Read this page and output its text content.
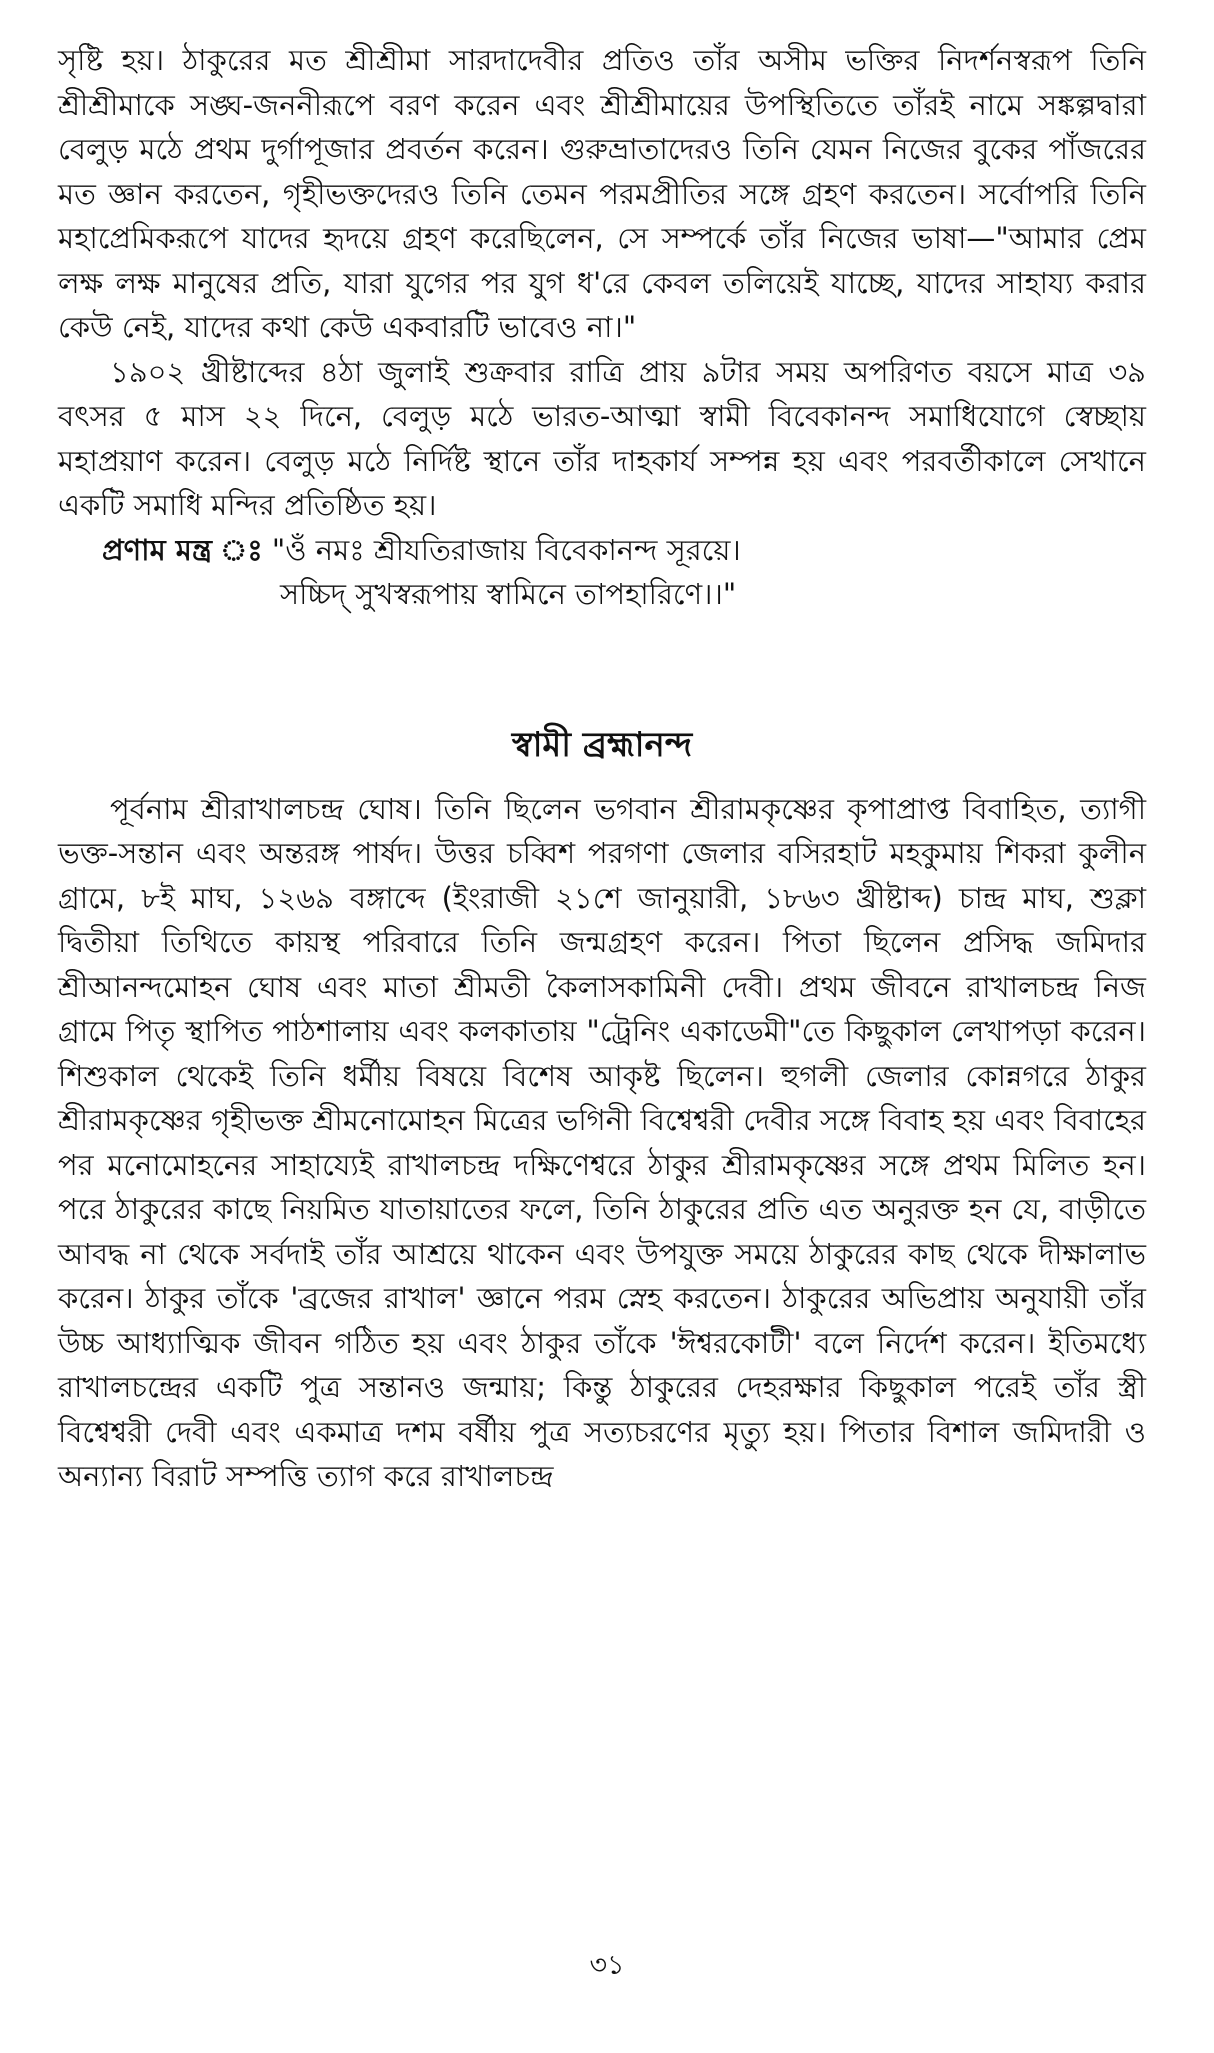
সৃষ্টি হয়। ঠাকুরের মত শ্রীশ্রীমা সারদাদেবীর প্রতিও তাঁর অসীম ভক্তির নিদর্শনস্বরূপ তিনি শ্রীশ্রীমাকে সঙ্ঘ-জননীরূপে বরণ করেন এবং শ্রীশ্রীমায়ের উপস্থিতিতে তাঁরই নামে সঙ্কল্পদ্বারা বেলুড় মঠে প্রথম দুর্গাপূজার প্রবর্তন করেন। গুরুভ্রাতাদেরও তিনি যেমন নিজের বুকের পাঁজরের মত জ্ঞান করতেন, গৃহীভক্তদেরও তিনি তেমন পরমপ্রীতির সঙ্গে গ্রহণ করতেন। সর্বোপরি তিনি মহাপ্রেমিকরূপে যাদের হৃদয়ে গ্রহণ করেছিলেন, সে সম্পর্কে তাঁর নিজের ভাষা—"আমার প্রেম লক্ষ লক্ষ মানুষের প্রতি, যারা যুগের পর যুগ ধ'রে কেবল তলিয়েই যাচ্ছে, যাদের সাহায্য করার কেউ নেই, যাদের কথা কেউ একবারটি ভাবেও না।"

১৯০২ খ্রীষ্টাব্দের ৪ঠা জুলাই শুক্রবার রাত্রি প্রায় ৯টার সময় অপরিণত বয়সে মাত্র ৩৯ বৎসর ৫ মাস ২২ দিনে, বেলুড় মঠে ভারত-আত্মা স্বামী বিবেকানন্দ সমাধিযোগে স্বেচ্ছায় মহাপ্রয়াণ করেন। বেলুড় মঠে নির্দিষ্ট স্থানে তাঁর দাহকার্য সম্পন্ন হয় এবং পরবর্তীকালে সেখানে একটি সমাধি মন্দির প্রতিষ্ঠিত হয়।

প্রণাম মন্ত্র ঃ "ওঁ নমঃ শ্রীযতিরাজায় বিবেকানন্দ সূরয়ে।

সচ্চিদ্ সুখস্বরূপায় স্বামিনে তাপহারিণে।।"

স্বামী ব্রহ্মানন্দ

পূর্বনাম শ্রীরাখালচন্দ্র ঘোষ। তিনি ছিলেন ভগবান শ্রীরামকৃষ্ণের কৃপাপ্রাপ্ত বিবাহিত, ত্যাগী ভক্ত-সন্তান এবং অন্তরঙ্গ পার্ষদ। উত্তর চব্বিশ পরগণা জেলার বসিরহাট মহকুমায় শিকরা কুলীন গ্রামে, ৮ই মাঘ, ১২৬৯ বঙ্গাব্দে (ইংরাজী ২১শে জানুয়ারী, ১৮৬৩ খ্রীষ্টাব্দ) চান্দ্র মাঘ, শুক্লা দ্বিতীয়া তিথিতে কায়স্থ পরিবারে তিনি জন্মগ্রহণ করেন। পিতা ছিলেন প্রসিদ্ধ জমিদার শ্রীআনন্দমোহন ঘোষ এবং মাতা শ্রীমতী কৈলাসকামিনী দেবী। প্রথম জীবনে রাখালচন্দ্র নিজ গ্রামে পিতৃ স্থাপিত পাঠশালায় এবং কলকাতায় "ট্রেনিং একাডেমী"তে কিছুকাল লেখাপড়া করেন। শিশুকাল থেকেই তিনি ধর্মীয় বিষয়ে বিশেষ আকৃষ্ট ছিলেন। হুগলী জেলার কোন্নগরে ঠাকুর শ্রীরামকৃষ্ণের গৃহীভক্ত শ্রীমনোমোহন মিত্রের ভগিনী বিশ্বেশ্বরী দেবীর সঙ্গে বিবাহ হয় এবং বিবাহের পর মনোমোহনের সাহায্যেই রাখালচন্দ্র দক্ষিণেশ্বরে ঠাকুর শ্রীরামকৃষ্ণের সঙ্গে প্রথম মিলিত হন। পরে ঠাকুরের কাছে নিয়মিত যাতায়াতের ফলে, তিনি ঠাকুরের প্রতি এত অনুরক্ত হন যে, বাড়ীতে আবদ্ধ না থেকে সর্বদাই তাঁর আশ্রয়ে থাকেন এবং উপযুক্ত সময়ে ঠাকুরের কাছ থেকে দীক্ষালাভ করেন। ঠাকুর তাঁকে 'ব্রজের রাখাল' জ্ঞানে পরম স্নেহ করতেন। ঠাকুরের অভিপ্রায় অনুযায়ী তাঁর উচ্চ আধ্যাত্মিক জীবন গঠিত হয় এবং ঠাকুর তাঁকে 'ঈশ্বরকোটী' বলে নির্দেশ করেন। ইতিমধ্যে রাখালচন্দ্রের একটি পুত্র সন্তানও জন্মায়; কিন্তু ঠাকুরের দেহরক্ষার কিছুকাল পরেই তাঁর স্ত্রী বিশ্বেশ্বরী দেবী এবং একমাত্র দশম বর্ষীয় পুত্র সত্যচরণের মৃত্যু হয়। পিতার বিশাল জমিদারী ও অন্যান্য বিরাট সম্পত্তি ত্যাগ করে রাখালচন্দ্র

৩১
